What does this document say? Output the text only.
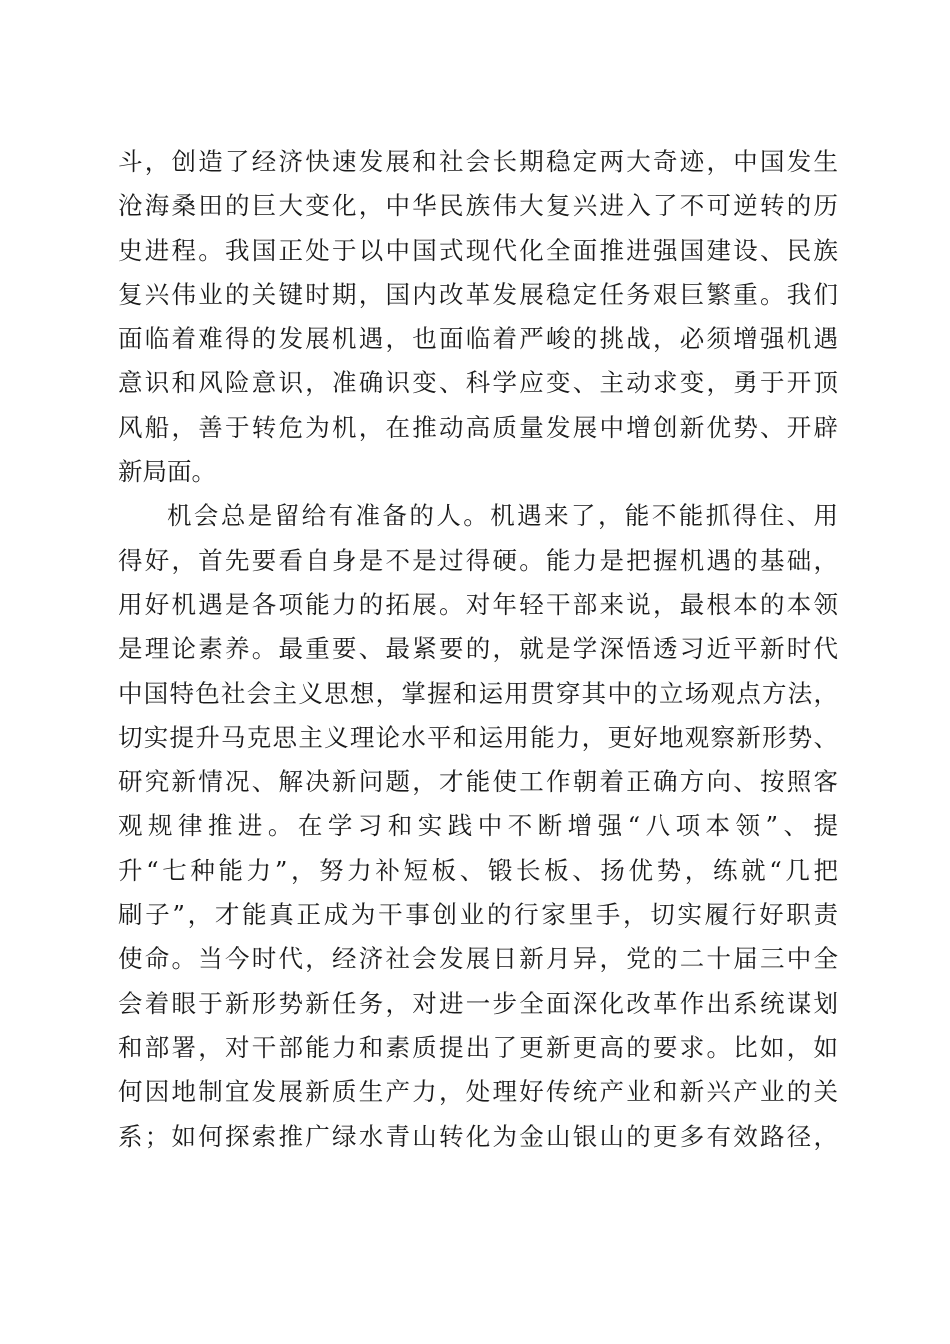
斗，创造了经济快速发展和社会长期稳定两大奇迹，中国发生
沧海桑田的巨大变化，中华民族伟大复兴进入了不可逆转的历
史进程。我国正处于以中国式现代化全面推进强国建设、民族
复兴伟业的关键时期，国内改革发展稳定任务艰巨繁重。我们
面临着难得的发展机遇，也面临着严峻的挑战，必须增强机遇
意识和风险意识，准确识变、科学应变、主动求变，勇于开顶
风船，善于转危为机，在推动高质量发展中增创新优势、开辟
新局面。
机会总是留给有准备的人。机遇来了，能不能抓得住、用
得好，首先要看自身是不是过得硬。能力是把握机遇的基础，
用好机遇是各项能力的拓展。对年轻干部来说，最根本的本领
是理论素养。最重要、最紧要的，就是学深悟透习近平新时代
中国特色社会主义思想，掌握和运用贯穿其中的立场观点方法，
切实提升马克思主义理论水平和运用能力，更好地观察新形势、
研究新情况、解决新问题，才能使工作朝着正确方向、按照客
观规律推进。在学习和实践中不断增强“八项本领”、提
升“七种能力”，努力补短板、锻长板、扬优势，练就“几把
刷子”，才能真正成为干事创业的行家里手，切实履行好职责
使命。当今时代，经济社会发展日新月异，党的二十届三中全
会着眼于新形势新任务，对进一步全面深化改革作出系统谋划
和部署，对干部能力和素质提出了更新更高的要求。比如，如
何因地制宜发展新质生产力，处理好传统产业和新兴产业的关
系；如何探索推广绿水青山转化为金山银山的更多有效路径，
